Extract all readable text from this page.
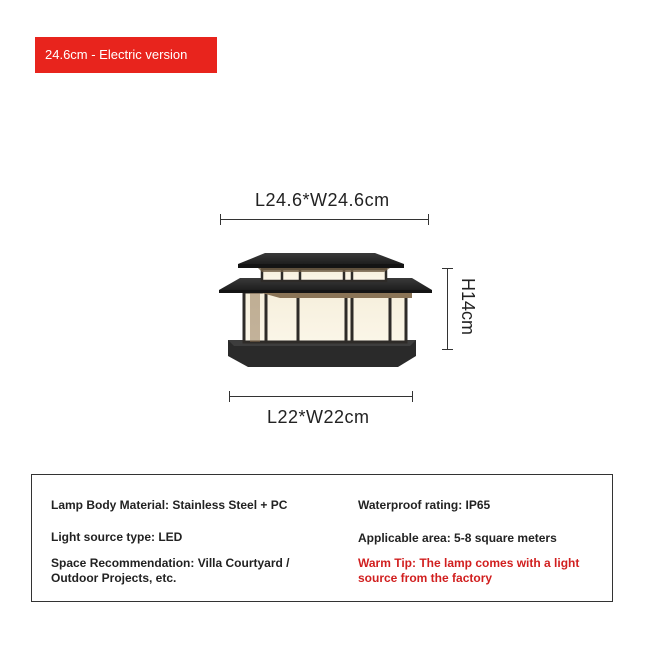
24.6cm - Electric version
L24.6*W24.6cm
H14cm
L22*W22cm
Lamp Body Material: Stainless Steel + PC	Waterproof rating: IP65
Light source type: LED	Applicable area: 5-8 square meters
Space Recommendation: Villa Courtyard /
Outdoor Projects, etc.
Warm Tip: The lamp comes with a light
source from the factory
